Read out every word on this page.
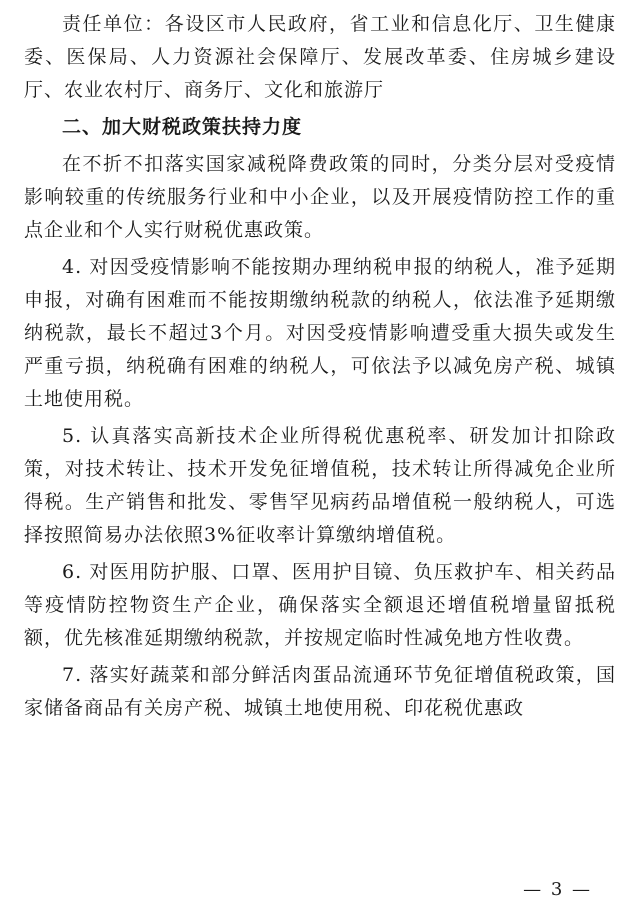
责任单位：各设区市人民政府，省工业和信息化厅、卫生健康委、医保局、人力资源社会保障厅、发展改革委、住房城乡建设厅、农业农村厅、商务厅、文化和旅游厅

二、加大财税政策扶持力度

在不折不扣落实国家减税降费政策的同时，分类分层对受疫情影响较重的传统服务行业和中小企业，以及开展疫情防控工作的重点企业和个人实行财税优惠政策。

4. 对因受疫情影响不能按期办理纳税申报的纳税人，准予延期申报，对确有困难而不能按期缴纳税款的纳税人，依法准予延期缴纳税款，最长不超过3个月。对因受疫情影响遭受重大损失或发生严重亏损，纳税确有困难的纳税人，可依法予以减免房产税、城镇土地使用税。

5. 认真落实高新技术企业所得税优惠税率、研发加计扣除政策，对技术转让、技术开发免征增值税，技术转让所得减免企业所得税。生产销售和批发、零售罕见病药品增值税一般纳税人，可选择按照简易办法依照3%征收率计算缴纳增值税。

6. 对医用防护服、口罩、医用护目镜、负压救护车、相关药品等疫情防控物资生产企业，确保落实全额退还增值税增量留抵税额，优先核准延期缴纳税款，并按规定临时性减免地方性收费。

7. 落实好蔬菜和部分鲜活肉蛋品流通环节免征增值税政策，国家储备商品有关房产税、城镇土地使用税、印花税优惠政

— 3 —
